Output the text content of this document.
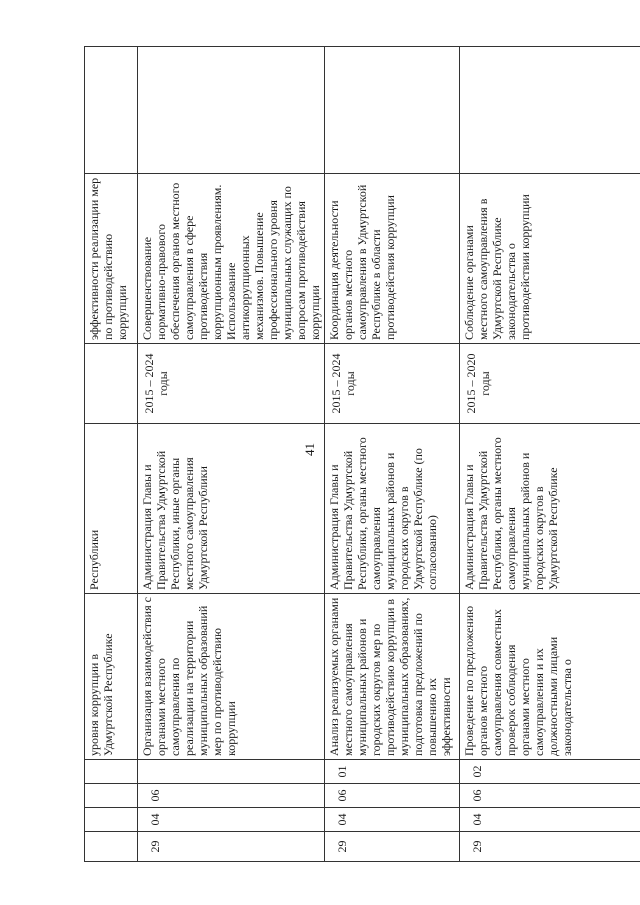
41
				уровня коррупции в Удмуртской Республике	Республики		эффективности реализации мер по противодействию коррупции	
29	04	06		Организация взаимодействия с органами местного самоуправления по реализации на территории муниципальных образований мер по противодействию коррупции	Администрация Главы и Правительства Удмуртской Республики, иные органы местного самоуправления Удмуртской Республики	2015 – 2024 годы	Совершенствование нормативно-правового обеспечения органов местного самоуправления в сфере противодействия коррупционным проявлениям. Использование антикоррупционных механизмов. Повышение профессионального уровня муниципальных служащих по вопросам противодействия коррупции	
29	04	06	01	Анализ реализуемых органами местного самоуправления муниципальных районов и городских округов мер по противодействию коррупции в муниципальных образованиях, подготовка предложений по повышению их эффективности	Администрация Главы и Правительства Удмуртской Республики, органы местного самоуправления муниципальных районов и городских округов в Удмуртской Республике (по согласованию)	2015 – 2024 годы	Координация деятельности органов местного самоуправления в Удмуртской Республике в области противодействия коррупции	
29	04	06	02	Проведение по предложению органов местного самоуправления совместных проверок соблюдения органами местного самоуправления и их должностными лицами законодательства о	Администрация Главы и Правительства Удмуртской Республики, органы местного самоуправления муниципальных районов и городских округов в Удмуртской Республике	2015 – 2020 годы	Соблюдение органами местного самоуправления в Удмуртской Республике законодательства о противодействии коррупции	
